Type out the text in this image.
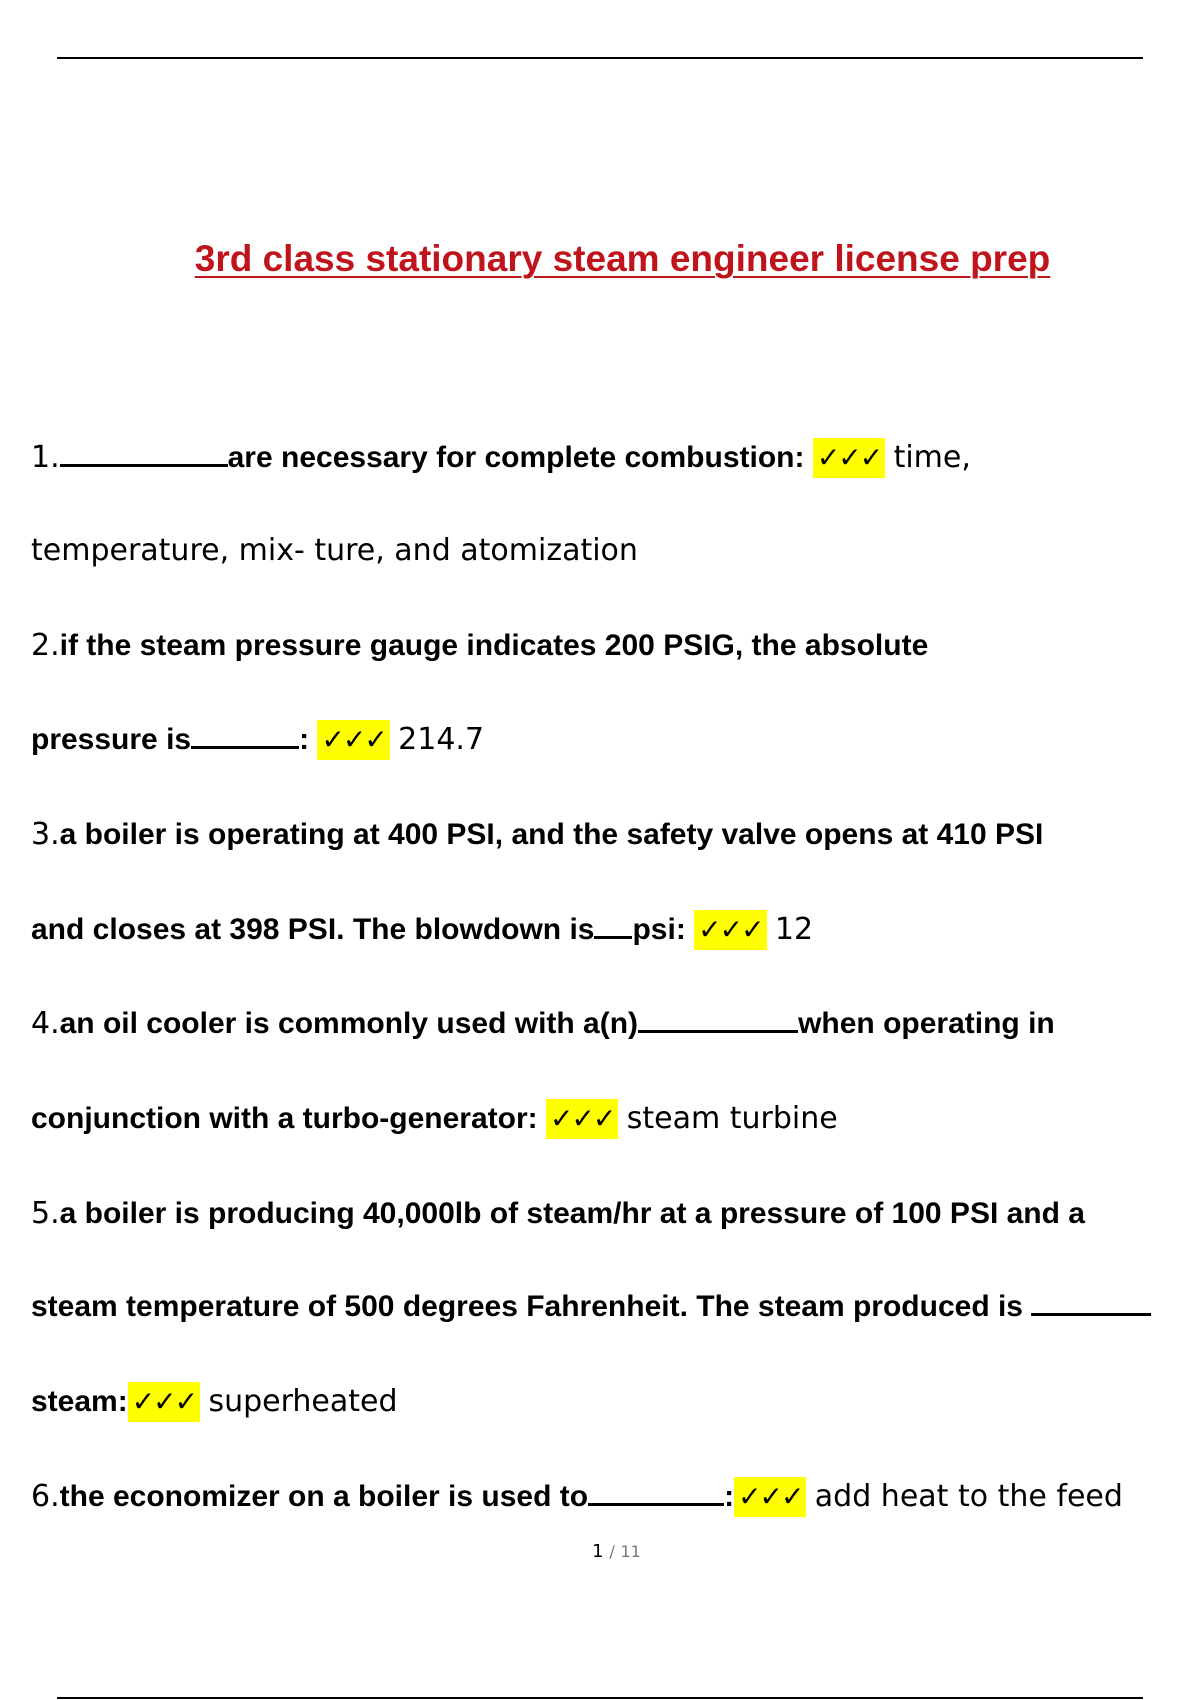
3rd class stationary steam engineer license prep
1.	are necessary for complete combustion: ✓✓✓ time,
temperature, mix- ture, and atomization
2.if the steam pressure gauge indicates 200 PSIG, the absolute
pressure is	: ✓✓✓ 214.7
3.a boiler is operating at 400 PSI, and the safety valve opens at 410 PSI
and closes at 398 PSI. The blowdown is psi: ✓✓✓ 12
4.an oil cooler is commonly used with a(n)	when operating in
conjunction with a turbo-generator: ✓✓✓ steam turbine
5.a boiler is producing 40,000lb of steam/hr at a pressure of 100 PSI and a
steam temperature of 500 degrees Fahrenheit. The steam produced is
steam: ✓✓✓ superheated
6.the economizer on a boiler is used to	: ✓✓✓ add heat to the feed
1 / 11
